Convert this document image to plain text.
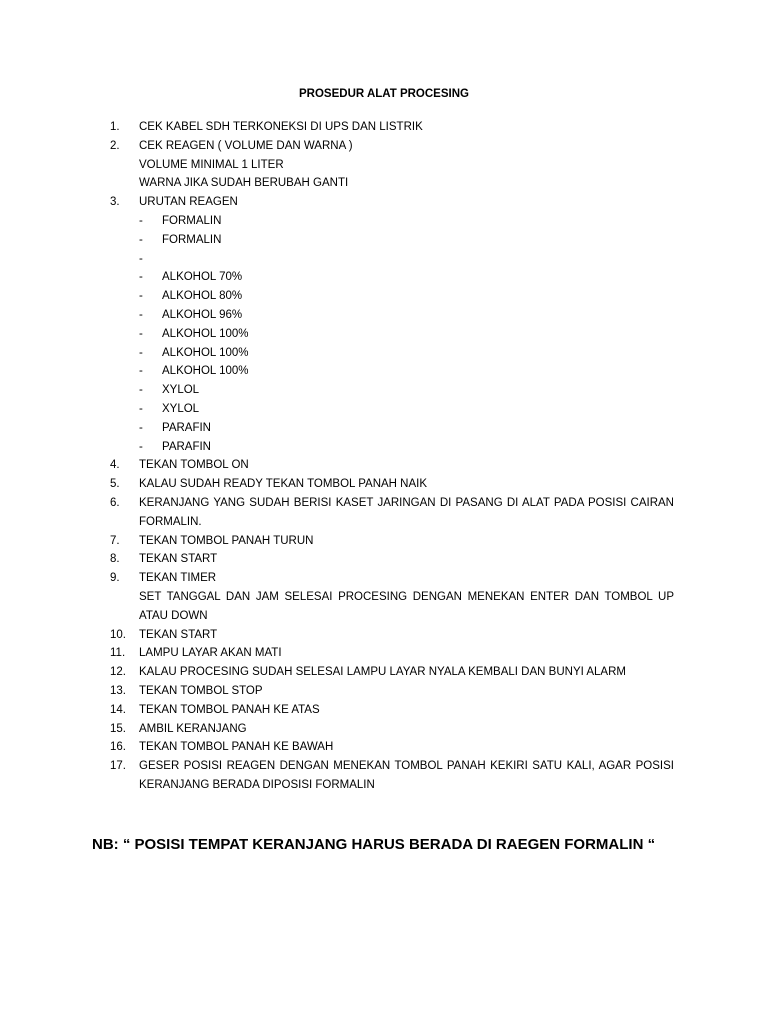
PROSEDUR ALAT PROCESING
1.	CEK KABEL SDH TERKONEKSI DI UPS DAN LISTRIK
2.	CEK REAGEN ( VOLUME DAN WARNA )
VOLUME MINIMAL 1 LITER
WARNA JIKA SUDAH BERUBAH GANTI
3.	URUTAN REAGEN
- FORMALIN
- FORMALIN
-
- ALKOHOL 70%
- ALKOHOL 80%
- ALKOHOL 96%
- ALKOHOL 100%
- ALKOHOL 100%
- ALKOHOL 100%
- XYLOL
- XYLOL
- PARAFIN
- PARAFIN
4.	TEKAN TOMBOL ON
5.	KALAU SUDAH READY TEKAN TOMBOL PANAH NAIK
6.	KERANJANG YANG SUDAH BERISI KASET JARINGAN DI PASANG DI ALAT PADA POSISI CAIRAN
FORMALIN.
7.	TEKAN TOMBOL PANAH TURUN
8.	TEKAN START
9.	TEKAN TIMER
SET TANGGAL DAN JAM SELESAI PROCESING DENGAN MENEKAN ENTER DAN TOMBOL UP
ATAU DOWN
10.	TEKAN START
11.	LAMPU LAYAR AKAN MATI
12.	KALAU PROCESING SUDAH SELESAI LAMPU LAYAR NYALA KEMBALI DAN BUNYI ALARM
13.	TEKAN TOMBOL STOP
14.	TEKAN TOMBOL PANAH KE ATAS
15.	AMBIL KERANJANG
16.	TEKAN TOMBOL PANAH KE BAWAH
17.	GESER POSISI REAGEN DENGAN MENEKAN TOMBOL PANAH KEKIRI SATU KALI, AGAR POSISI
KERANJANG BERADA DIPOSISI FORMALIN
NB: “ POSISI TEMPAT KERANJANG HARUS BERADA DI RAEGEN FORMALIN “
